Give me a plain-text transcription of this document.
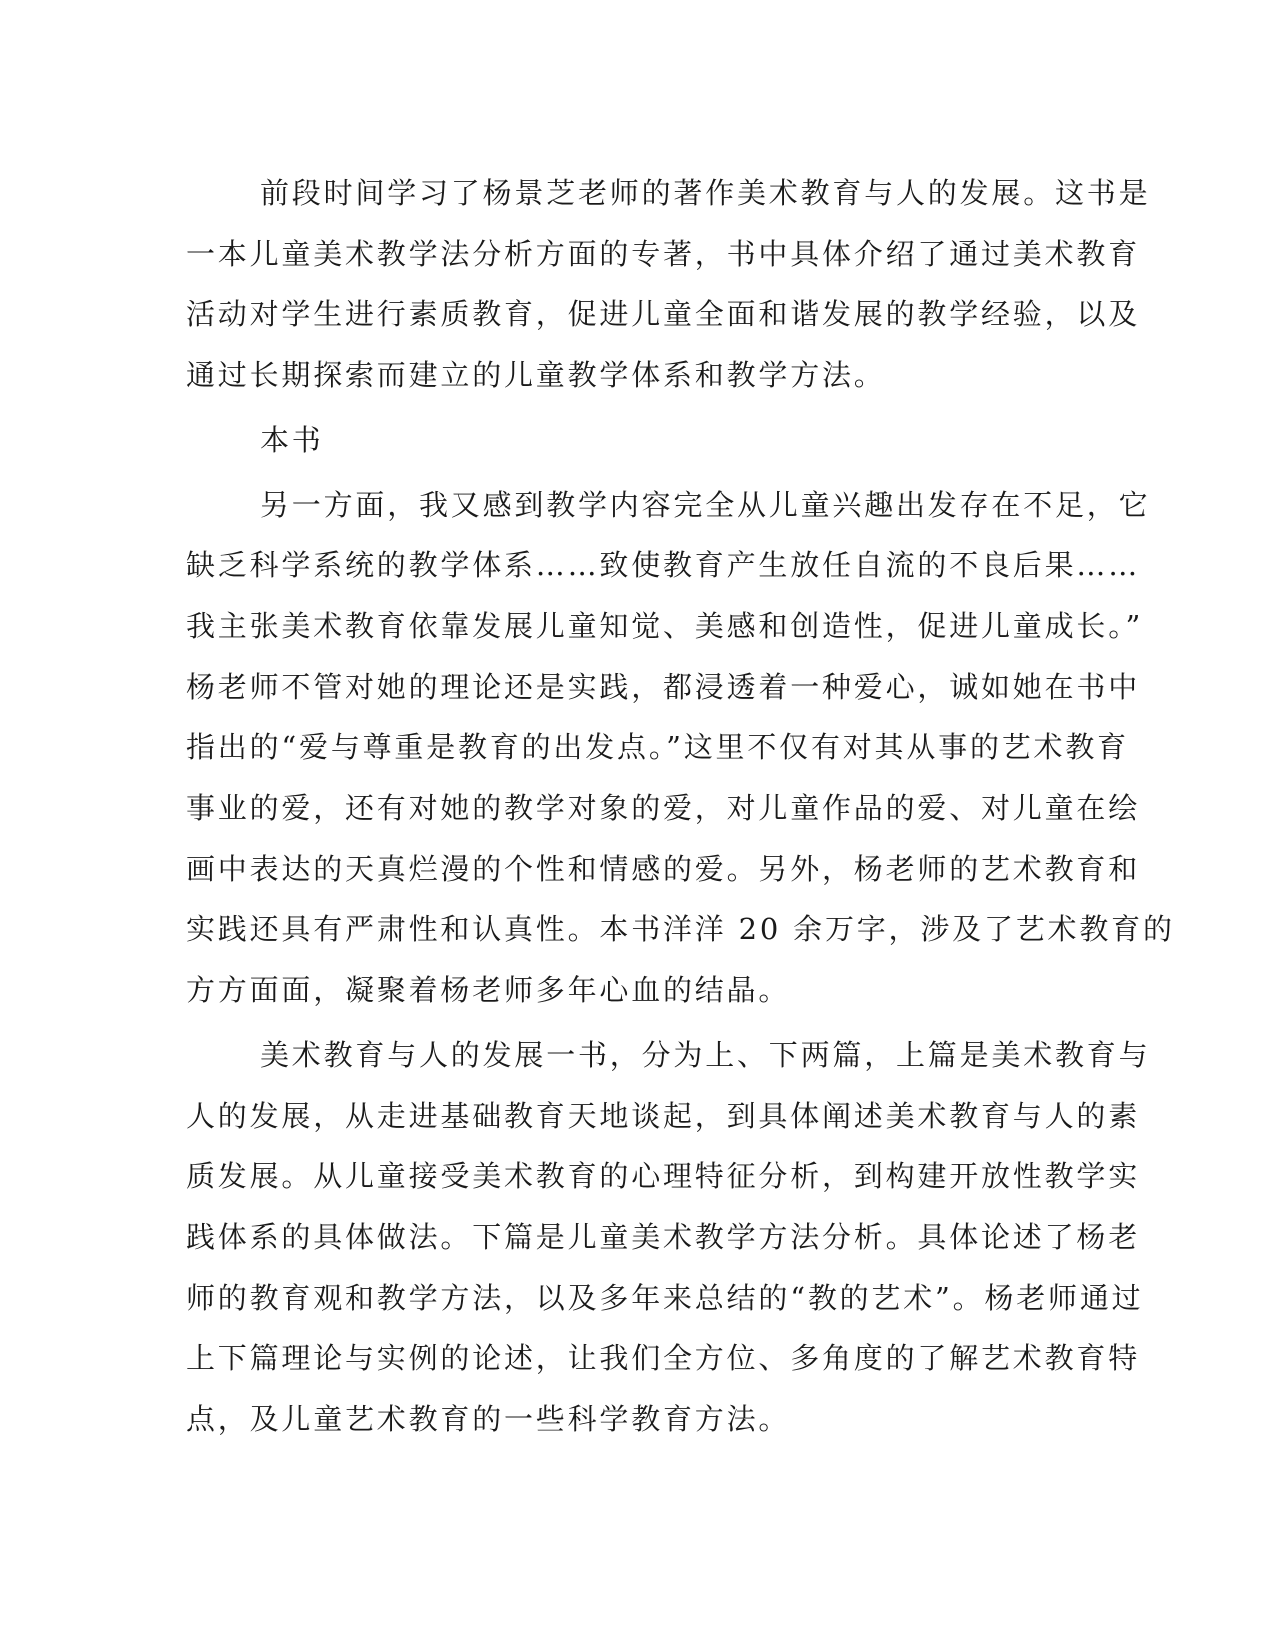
前段时间学习了杨景芝老师的著作美术教育与人的发展。这书是
一本儿童美术教学法分析方面的专著，书中具体介绍了通过美术教育
活动对学生进行素质教育，促进儿童全面和谐发展的教学经验，以及
通过长期探索而建立的儿童教学体系和教学方法。
本书
另一方面，我又感到教学内容完全从儿童兴趣出发存在不足，它
缺乏科学系统的教学体系……致使教育产生放任自流的不良后果……
我主张美术教育依靠发展儿童知觉、美感和创造性，促进儿童成长。”
杨老师不管对她的理论还是实践，都浸透着一种爱心，诚如她在书中
指出的“爱与尊重是教育的出发点。”这里不仅有对其从事的艺术教育
事业的爱，还有对她的教学对象的爱，对儿童作品的爱、对儿童在绘
画中表达的天真烂漫的个性和情感的爱。另外，杨老师的艺术教育和
实践还具有严肃性和认真性。本书洋洋 20 余万字，涉及了艺术教育的
方方面面，凝聚着杨老师多年心血的结晶。
美术教育与人的发展一书，分为上、下两篇，上篇是美术教育与
人的发展，从走进基础教育天地谈起，到具体阐述美术教育与人的素
质发展。从儿童接受美术教育的心理特征分析，到构建开放性教学实
践体系的具体做法。下篇是儿童美术教学方法分析。具体论述了杨老
师的教育观和教学方法，以及多年来总结的“教的艺术”。杨老师通过
上下篇理论与实例的论述，让我们全方位、多角度的了解艺术教育特
点，及儿童艺术教育的一些科学教育方法。
